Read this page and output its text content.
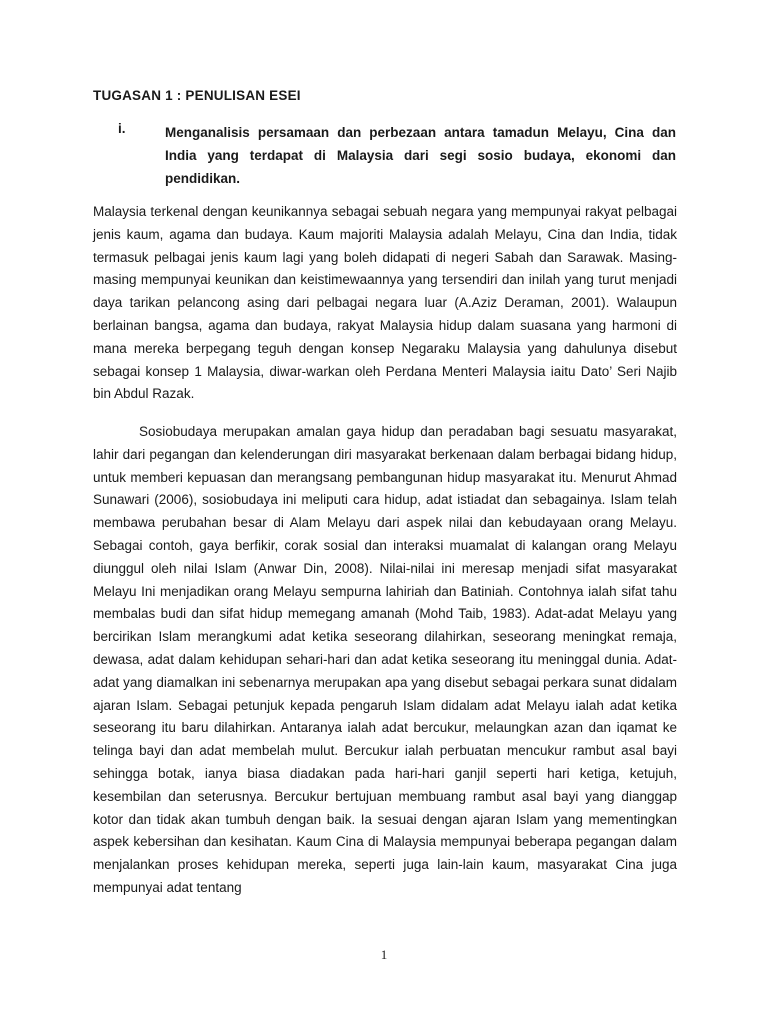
TUGASAN 1 : PENULISAN ESEI
i.	Menganalisis persamaan dan perbezaan antara tamadun Melayu, Cina dan India yang terdapat di Malaysia dari segi sosio budaya, ekonomi dan pendidikan.

Malaysia terkenal dengan keunikannya sebagai sebuah negara yang mempunyai rakyat pelbagai jenis kaum, agama dan budaya. Kaum majoriti Malaysia adalah Melayu, Cina dan India, tidak termasuk pelbagai jenis kaum lagi yang boleh didapati di negeri Sabah dan Sarawak. Masing-masing mempunyai keunikan dan keistimewaannya yang tersendiri dan inilah yang turut menjadi daya tarikan pelancong asing dari pelbagai negara luar (A.Aziz Deraman, 2001). Walaupun berlainan bangsa, agama dan budaya, rakyat Malaysia hidup dalam suasana yang harmoni di mana mereka berpegang teguh dengan konsep Negaraku Malaysia yang dahulunya disebut sebagai konsep 1 Malaysia, diwar-warkan oleh Perdana Menteri Malaysia iaitu Dato’ Seri Najib bin Abdul Razak.

Sosiobudaya merupakan amalan gaya hidup dan peradaban bagi sesuatu masyarakat, lahir dari pegangan dan kelenderungan diri masyarakat berkenaan dalam berbagai bidang hidup, untuk memberi kepuasan dan merangsang pembangunan hidup masyarakat itu. Menurut Ahmad Sunawari (2006), sosiobudaya ini meliputi cara hidup, adat istiadat dan sebagainya. Islam telah membawa perubahan besar di Alam Melayu dari aspek nilai dan kebudayaan orang Melayu. Sebagai contoh, gaya berfikir, corak sosial dan interaksi muamalat di kalangan orang Melayu diunggul oleh nilai Islam (Anwar Din, 2008). Nilai-nilai ini meresap menjadi sifat masyarakat Melayu Ini menjadikan orang Melayu sempurna lahiriah dan Batiniah. Contohnya ialah sifat tahu membalas budi dan sifat hidup memegang amanah (Mohd Taib, 1983). Adat-adat Melayu yang bercirikan Islam merangkumi adat ketika seseorang dilahirkan, seseorang meningkat remaja, dewasa, adat dalam kehidupan sehari-hari dan adat ketika seseorang itu meninggal dunia. Adat-adat yang diamalkan ini sebenarnya merupakan apa yang disebut sebagai perkara sunat didalam ajaran Islam. Sebagai petunjuk kepada pengaruh Islam didalam adat Melayu ialah adat ketika seseorang itu baru dilahirkan. Antaranya ialah adat bercukur, melaungkan azan dan iqamat ke telinga bayi dan adat membelah mulut. Bercukur ialah perbuatan mencukur rambut asal bayi sehingga botak, ianya biasa diadakan pada hari-hari ganjil seperti hari ketiga, ketujuh, kesembilan dan seterusnya. Bercukur bertujuan membuang rambut asal bayi yang dianggap kotor dan tidak akan tumbuh dengan baik. Ia sesuai dengan ajaran Islam yang mementingkan aspek kebersihan dan kesihatan. Kaum Cina di Malaysia mempunyai beberapa pegangan dalam menjalankan proses kehidupan mereka, seperti juga lain-lain kaum, masyarakat Cina juga mempunyai adat tentang

1
